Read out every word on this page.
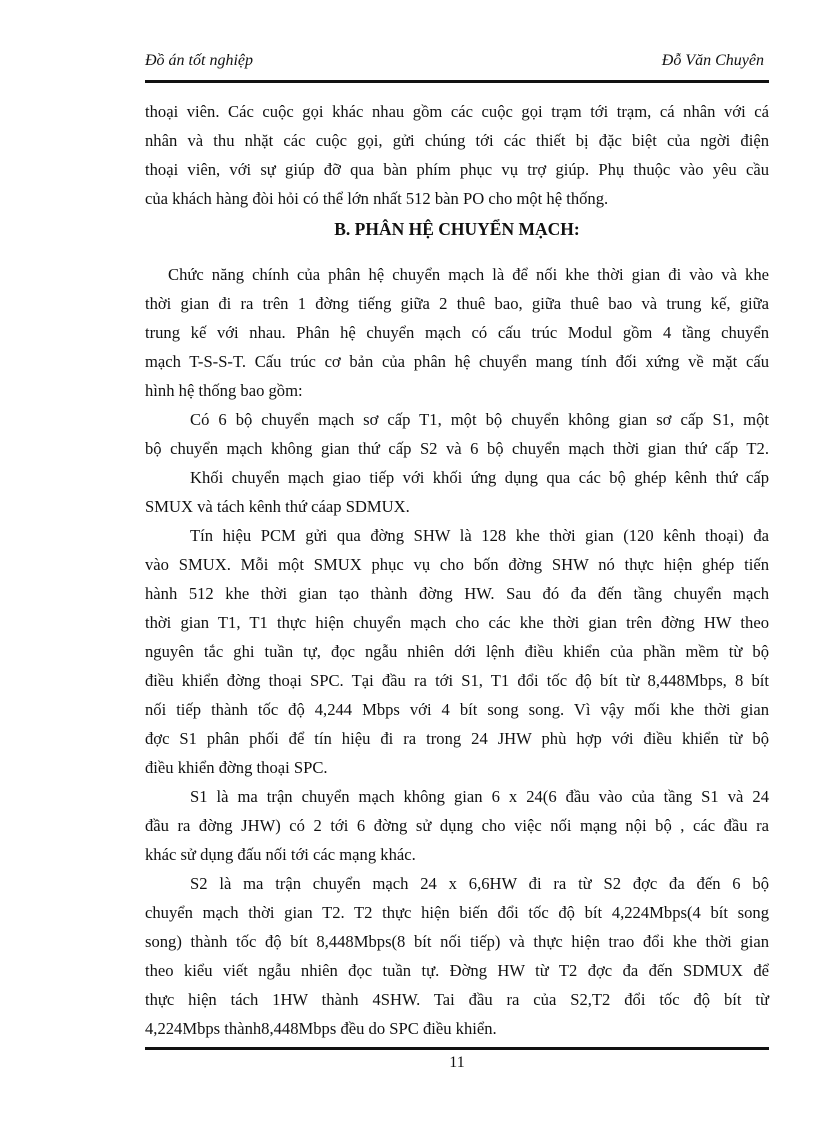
Đồ án tốt nghiệp	Đỗ Văn Chuyên
thoại viên. Các cuộc gọi khác nhau gồm các cuộc gọi trạm tới trạm, cá nhân với cá
nhân và thu nhặt các cuộc gọi, gửi chúng tới các thiết bị đặc biệt của ngời điện
thoại viên, với sự giúp đỡ qua bàn phím phục vụ trợ giúp. Phụ thuộc vào yêu cầu
của khách hàng đòi hỏi có thể lớn nhất 512 bàn PO cho một hệ thống.
B. PHÂN HỆ CHUYỂN MẠCH:
Chức năng chính của phân hệ chuyển mạch là để nối khe thời gian đi vào và khe
thời gian đi ra trên 1 đờng tiếng giữa 2 thuê bao, giữa thuê bao và trung kế, giữa
trung kế với nhau. Phân hệ chuyển mạch có cấu trúc Modul gồm 4 tầng chuyển
mạch T-S-S-T. Cấu trúc cơ bản của phân hệ chuyển mang tính đối xứng về mặt cấu
hình hệ thống bao gồm:
Có 6 bộ chuyển mạch sơ cấp T1, một bộ chuyển không gian sơ cấp S1, một
bộ chuyển mạch không gian thứ cấp S2 và 6 bộ chuyển mạch thời gian thứ cấp T2.
Khối chuyển mạch giao tiếp với khối ứng dụng qua các bộ ghép kênh thứ cấp
SMUX và tách kênh thứ cáap SDMUX.
Tín hiệu PCM gửi qua đờng SHW là 128 khe thời gian (120 kênh thoại) đa
vào SMUX. Mỗi một SMUX phục vụ cho bốn đờng SHW nó thực hiện ghép tiến
hành 512 khe thời gian tạo thành đờng HW. Sau đó đa đến tầng chuyển mạch
thời gian T1, T1 thực hiện chuyển mạch cho các khe thời gian trên đờng HW theo
nguyên tắc ghi tuần tự, đọc ngẫu nhiên dới lệnh điều khiển của phần mềm từ bộ
điều khiển đờng thoại SPC. Tại đầu ra tới S1, T1 đổi tốc độ bít từ 8,448Mbps, 8 bít
nối tiếp thành tốc độ 4,244 Mbps với 4 bít song song. Vì vậy mối khe thời gian
đợc S1 phân phối để tín hiệu đi ra trong 24 JHW phù hợp với điều khiển từ bộ
điều khiển đờng thoại SPC.
S1 là ma trận chuyển mạch không gian 6 x 24(6 đầu vào của tầng S1 và 24
đầu ra đờng JHW) có 2 tới 6 đờng sử dụng cho việc nối mạng nội bộ , các đầu ra
khác sử dụng đấu nối tới các mạng khác.
S2 là ma trận chuyển mạch 24 x 6,6HW đi ra từ S2 đợc đa đến 6 bộ
chuyển mạch thời gian T2. T2 thực hiện biến đổi tốc độ bít 4,224Mbps(4 bít song
song) thành tốc độ bít 8,448Mbps(8 bít nối tiếp) và thực hiện trao đổi khe thời gian
theo kiểu viết ngẫu nhiên đọc tuần tự. Đờng HW từ T2 đợc đa đến SDMUX để
thực hiện tách 1HW thành 4SHW. Tai đầu ra của S2,T2 đổi tốc độ bít từ
4,224Mbps thành8,448Mbps đều do SPC điều khiển.
11
